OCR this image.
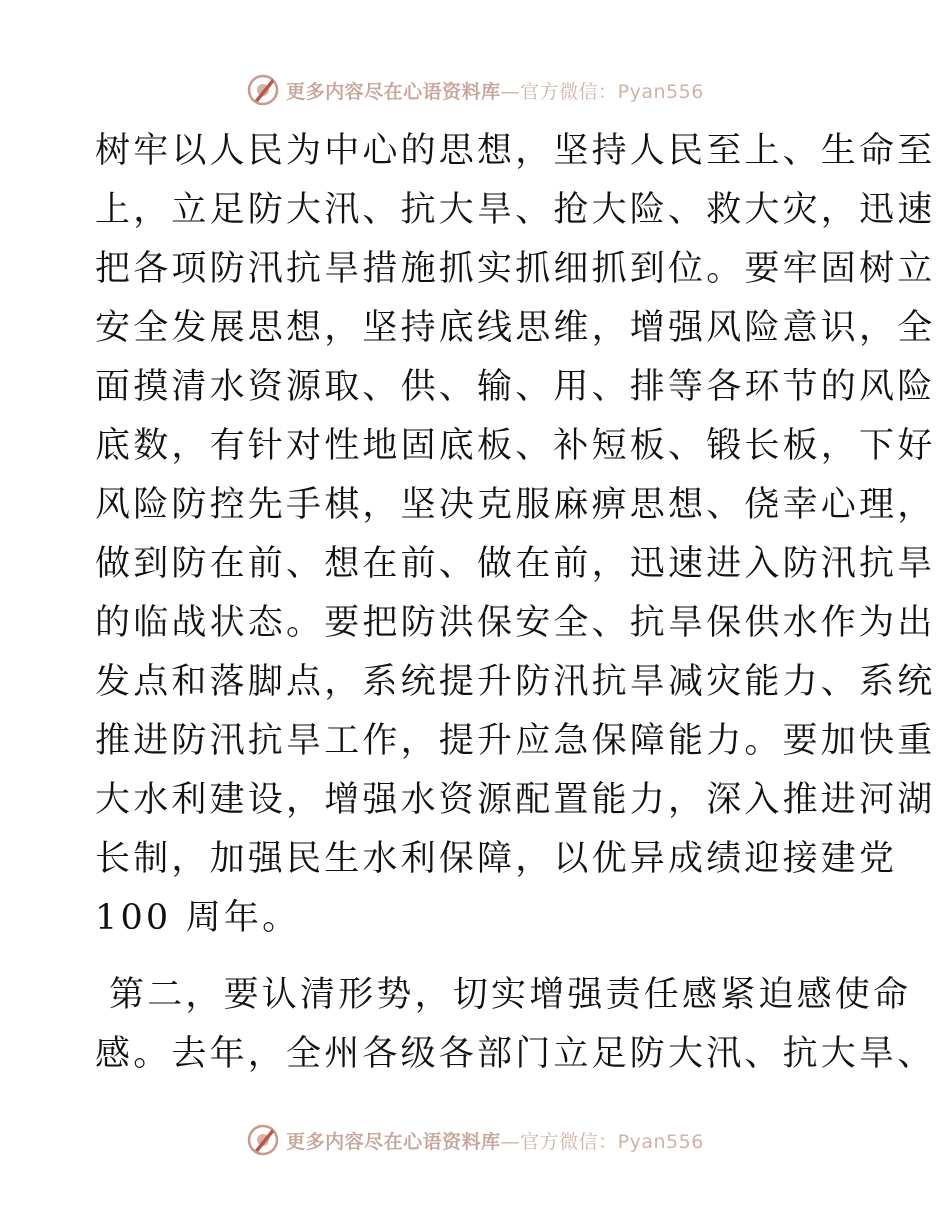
更多内容尽在心语资料库—官方微信：Pyan556
树牢以人民为中心的思想，坚持人民至上、生命至
上，立足防大汛、抗大旱、抢大险、救大灾，迅速
把各项防汛抗旱措施抓实抓细抓到位。要牢固树立
安全发展思想，坚持底线思维，增强风险意识，全
面摸清水资源取、供、输、用、排等各环节的风险
底数，有针对性地固底板、补短板、锻长板，下好
风险防控先手棋，坚决克服麻痹思想、侥幸心理，
做到防在前、想在前、做在前，迅速进入防汛抗旱
的临战状态。要把防洪保安全、抗旱保供水作为出
发点和落脚点，系统提升防汛抗旱减灾能力、系统
推进防汛抗旱工作，提升应急保障能力。要加快重
大水利建设，增强水资源配置能力，深入推进河湖
长制，加强民生水利保障，以优异成绩迎接建党
100 周年。
第二，要认清形势，切实增强责任感紧迫感使命
感。去年，全州各级各部门立足防大汛、抗大旱、
更多内容尽在心语资料库—官方微信：Pyan556
